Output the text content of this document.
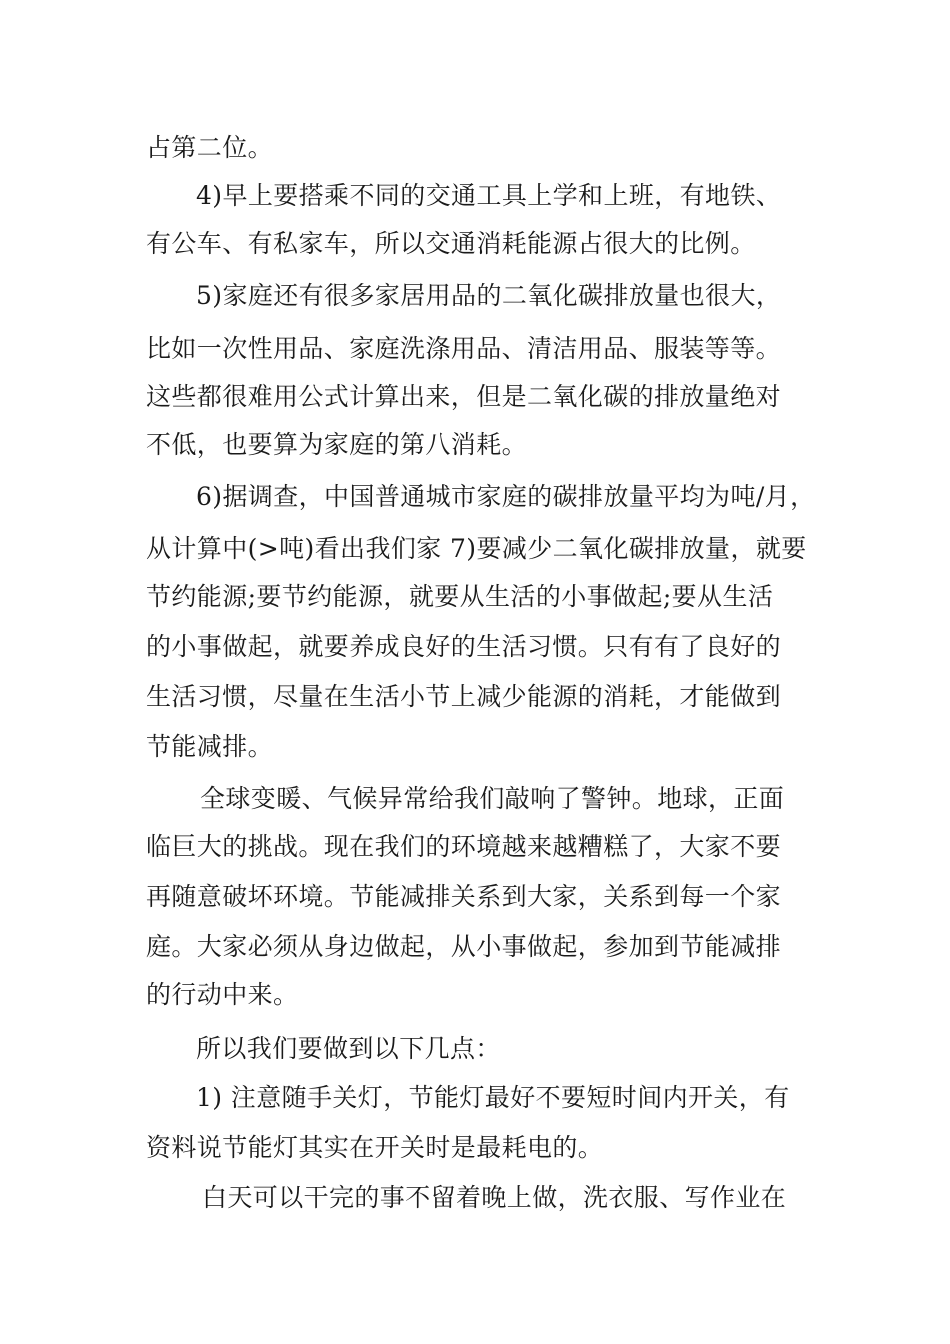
占第二位。

4)早上要搭乘不同的交通工具上学和上班，有地铁、

有公车、有私家车，所以交通消耗能源占很大的比例。

5)家庭还有很多家居用品的二氧化碳排放量也很大，

比如一次性用品、家庭洗涤用品、清洁用品、服装等等。

这些都很难用公式计算出来，但是二氧化碳的排放量绝对

不低，也要算为家庭的第八消耗。

6)据调查，中国普通城市家庭的碳排放量平均为吨/月，

从计算中(>吨)看出我们家 7)要减少二氧化碳排放量，就要

节约能源;要节约能源，就要从生活的小事做起;要从生活

的小事做起，就要养成良好的生活习惯。只有有了良好的

生活习惯，尽量在生活小节上减少能源的消耗，才能做到

节能减排。

全球变暖、气候异常给我们敲响了警钟。地球，正面

临巨大的挑战。现在我们的环境越来越糟糕了，大家不要

再随意破坏环境。节能减排关系到大家，关系到每一个家

庭。大家必须从身边做起，从小事做起，参加到节能减排

的行动中来。

所以我们要做到以下几点：

1) 注意随手关灯，节能灯最好不要短时间内开关，有

资料说节能灯其实在开关时是最耗电的。

白天可以干完的事不留着晚上做，洗衣服、写作业在
